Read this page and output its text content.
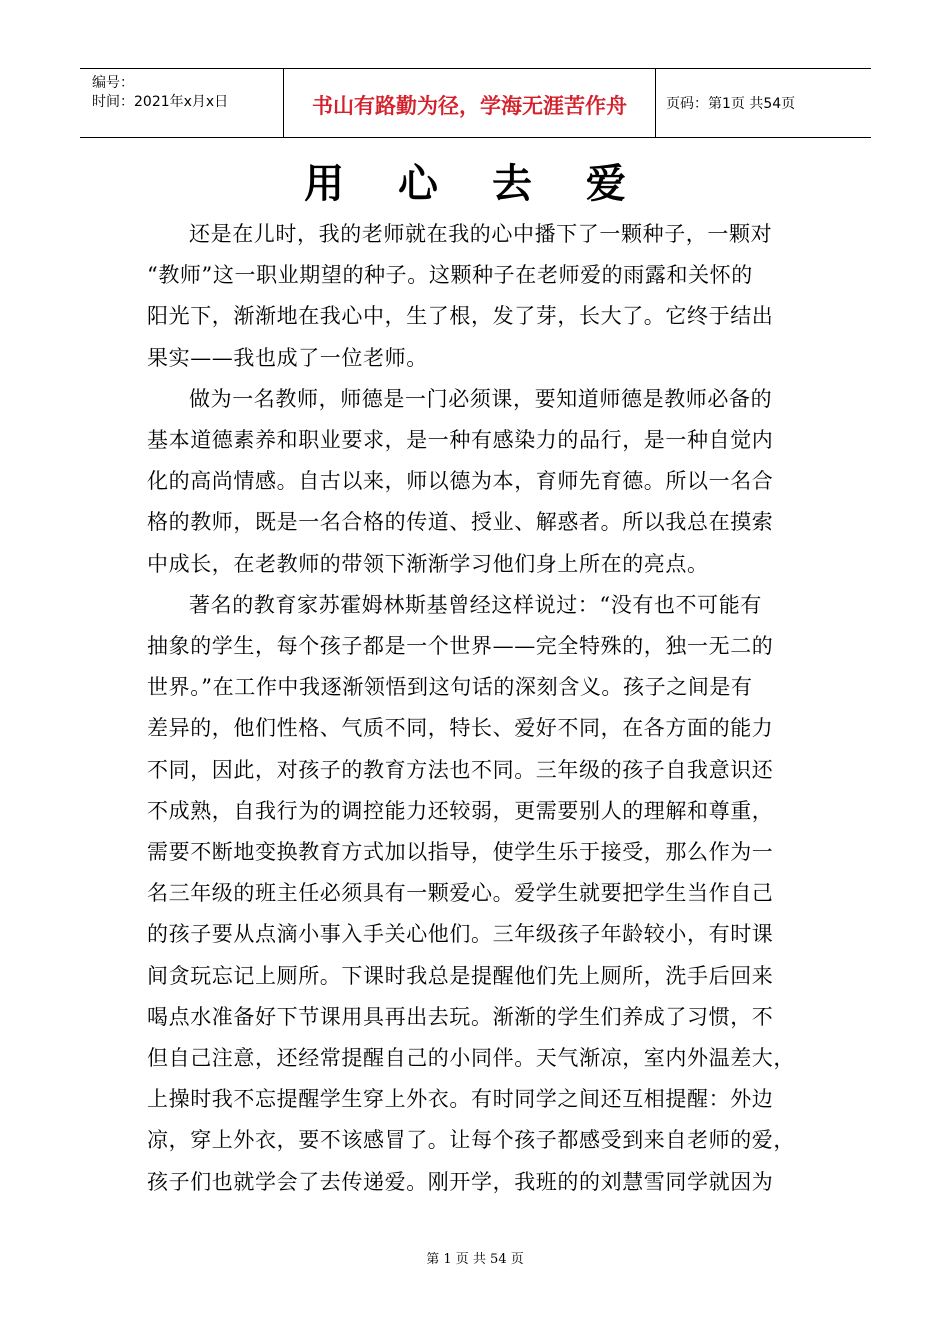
编号：
时间：2021年x月x日	书山有路勤为径，学海无涯苦作舟	页码：第1页 共54页
用 心 去 爱
还是在儿时，我的老师就在我的心中播下了一颗种子，一颗对
“教师”这一职业期望的种子。这颗种子在老师爱的雨露和关怀的
阳光下，渐渐地在我心中，生了根，发了芽，长大了。它终于结出
果实——我也成了一位老师。
做为一名教师，师德是一门必须课，要知道师德是教师必备的
基本道德素养和职业要求，是一种有感染力的品行，是一种自觉内
化的高尚情感。自古以来，师以德为本，育师先育德。所以一名合
格的教师，既是一名合格的传道、授业、解惑者。所以我总在摸索
中成长，在老教师的带领下渐渐学习他们身上所在的亮点。
著名的教育家苏霍姆林斯基曾经这样说过：“没有也不可能有
抽象的学生，每个孩子都是一个世界——完全特殊的，独一无二的
世界。”在工作中我逐渐领悟到这句话的深刻含义。孩子之间是有
差异的，他们性格、气质不同，特长、爱好不同，在各方面的能力
不同，因此，对孩子的教育方法也不同。三年级的孩子自我意识还
不成熟，自我行为的调控能力还较弱，更需要别人的理解和尊重，
需要不断地变换教育方式加以指导，使学生乐于接受，那么作为一
名三年级的班主任必须具有一颗爱心。爱学生就要把学生当作自己
的孩子要从点滴小事入手关心他们。三年级孩子年龄较小，有时课
间贪玩忘记上厕所。下课时我总是提醒他们先上厕所，洗手后回来
喝点水准备好下节课用具再出去玩。渐渐的学生们养成了习惯，不
但自己注意，还经常提醒自己的小同伴。天气渐凉，室内外温差大，
上操时我不忘提醒学生穿上外衣。有时同学之间还互相提醒：外边
凉，穿上外衣，要不该感冒了。让每个孩子都感受到来自老师的爱，
孩子们也就学会了去传递爱。刚开学，我班的的刘慧雪同学就因为
第 1 页 共 54 页
